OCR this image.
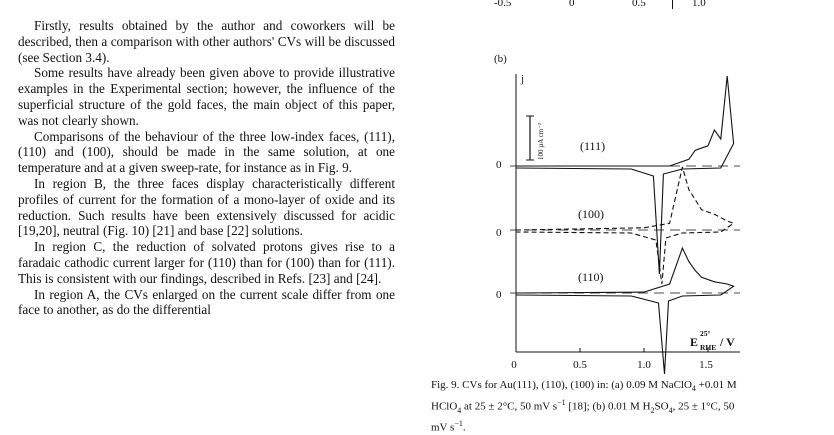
-0.5	0	0.5	1.0

Firstly, results obtained by the author and coworkers will be described, then a comparison with other authors' CVs will be discussed (see Section 3.4).

Some results have already been given above to provide illustrative examples in the Experimental section; however, the influence of the superficial structure of the gold faces, the main object of this paper, was not clearly shown.

Comparisons of the behaviour of the three low-index faces, (111), (110) and (100), should be made in the same solution, at one temperature and at a given sweep-rate, for instance as in Fig. 9.

In region B, the three faces display characteristically different profiles of current for the formation of a mono-layer of oxide and its reduction. Such results have been extensively discussed for acidic [19,20], neutral (Fig. 10) [21] and base [22] solutions.

In region C, the reduction of solvated protons gives rise to a faradaic cathodic current larger for (110) than for (100) than for (111). This is consistent with our findings, described in Refs. [23] and [24].

In region A, the CVs enlarged on the current scale differ from one face to another, as do the differential

(b)
j
0	0.5	1.0	1.5
E
25°
RHE / V
0
0
0
100 µA cm⁻²	(111)
(100)
(110)
Fig. 9. CVs for Au(111), (110), (100) in: (a) 0.09 M NaClO$_4$ +0.01 M
HClO$_4$ at 25 ± 2°C, 50 mV $s^{-1}$ [18]; (b) 0.01 M $H_2SO_4$, 25 ± 1°C, 50
mV $s^{-1}$.
